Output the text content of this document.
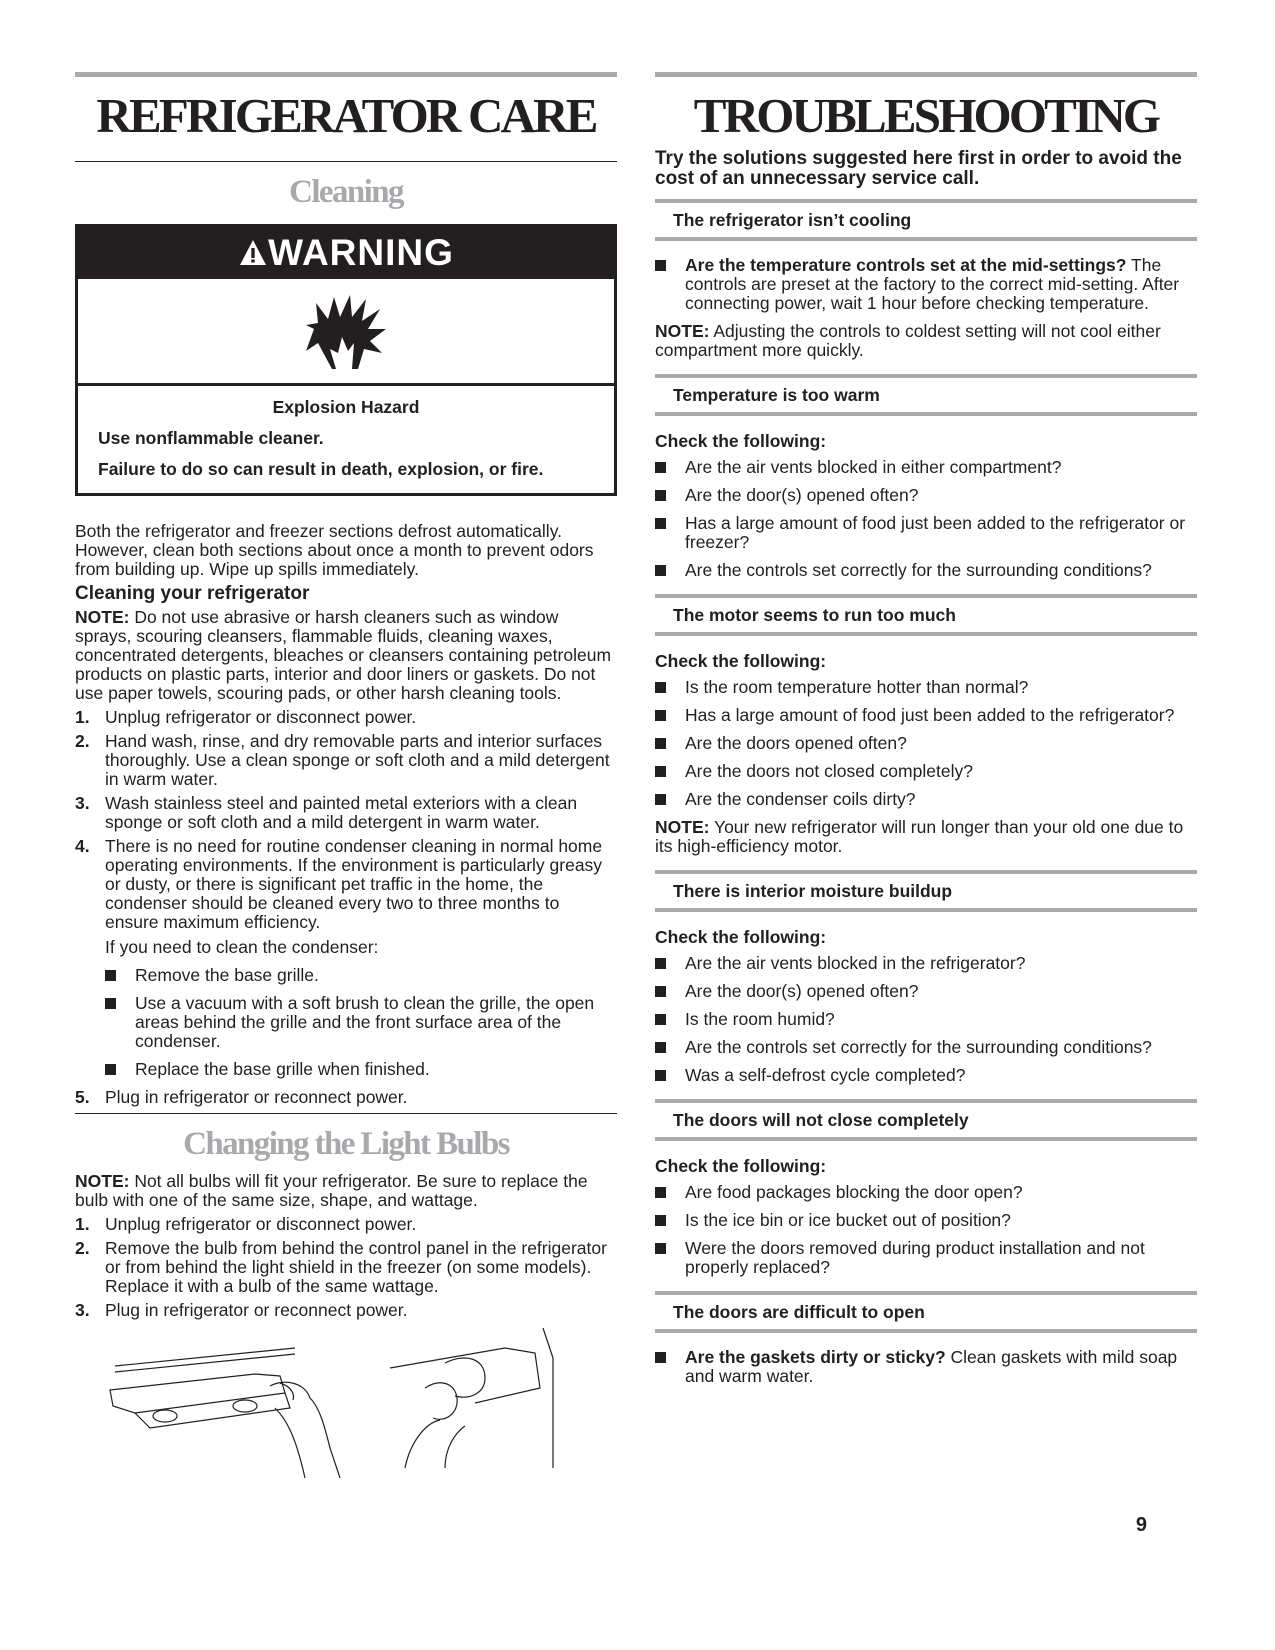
REFRIGERATOR CARE
Cleaning
WARNING

Explosion Hazard

Use nonflammable cleaner.

Failure to do so can result in death, explosion, or fire.

Both the refrigerator and freezer sections defrost automatically. However, clean both sections about once a month to prevent odors from building up. Wipe up spills immediately.

Cleaning your refrigerator

NOTE: Do not use abrasive or harsh cleaners such as window sprays, scouring cleansers, flammable fluids, cleaning waxes, concentrated detergents, bleaches or cleansers containing petroleum products on plastic parts, interior and door liners or gaskets. Do not use paper towels, scouring pads, or other harsh cleaning tools.

1. Unplug refrigerator or disconnect power.
2. Hand wash, rinse, and dry removable parts and interior surfaces thoroughly. Use a clean sponge or soft cloth and a mild detergent in warm water.
3. Wash stainless steel and painted metal exteriors with a clean sponge or soft cloth and a mild detergent in warm water.
4. There is no need for routine condenser cleaning in normal home operating environments. If the environment is particularly greasy or dusty, or there is significant pet traffic in the home, the condenser should be cleaned every two to three months to ensure maximum efficiency.

If you need to clean the condenser:

Remove the base grille.
Use a vacuum with a soft brush to clean the grille, the open areas behind the grille and the front surface area of the condenser.
Replace the base grille when finished.
5. Plug in refrigerator or reconnect power.
Changing the Light Bulbs

NOTE: Not all bulbs will fit your refrigerator. Be sure to replace the bulb with one of the same size, shape, and wattage.

1. Unplug refrigerator or disconnect power.
2. Remove the bulb from behind the control panel in the refrigerator or from behind the light shield in the freezer (on some models). Replace it with a bulb of the same wattage.
3. Plug in refrigerator or reconnect power.
TROUBLESHOOTING

Try the solutions suggested here first in order to avoid the cost of an unnecessary service call.

The refrigerator isn’t cooling
Are the temperature controls set at the mid-settings? The controls are preset at the factory to the correct mid-setting. After connecting power, wait 1 hour before checking temperature.

NOTE: Adjusting the controls to coldest setting will not cool either compartment more quickly.

Temperature is too warm
Check the following:
Are the air vents blocked in either compartment?
Are the door(s) opened often?
Has a large amount of food just been added to the refrigerator or freezer?
Are the controls set correctly for the surrounding conditions?
The motor seems to run too much
Check the following:
Is the room temperature hotter than normal?
Has a large amount of food just been added to the refrigerator?
Are the doors opened often?
Are the doors not closed completely?
Are the condenser coils dirty?

NOTE: Your new refrigerator will run longer than your old one due to its high-efficiency motor.

There is interior moisture buildup
Check the following:
Are the air vents blocked in the refrigerator?
Are the door(s) opened often?
Is the room humid?
Are the controls set correctly for the surrounding conditions?
Was a self-defrost cycle completed?
The doors will not close completely
Check the following:
Are food packages blocking the door open?
Is the ice bin or ice bucket out of position?
Were the doors removed during product installation and not properly replaced?
The doors are difficult to open
Are the gaskets dirty or sticky? Clean gaskets with mild soap and warm water.
9
